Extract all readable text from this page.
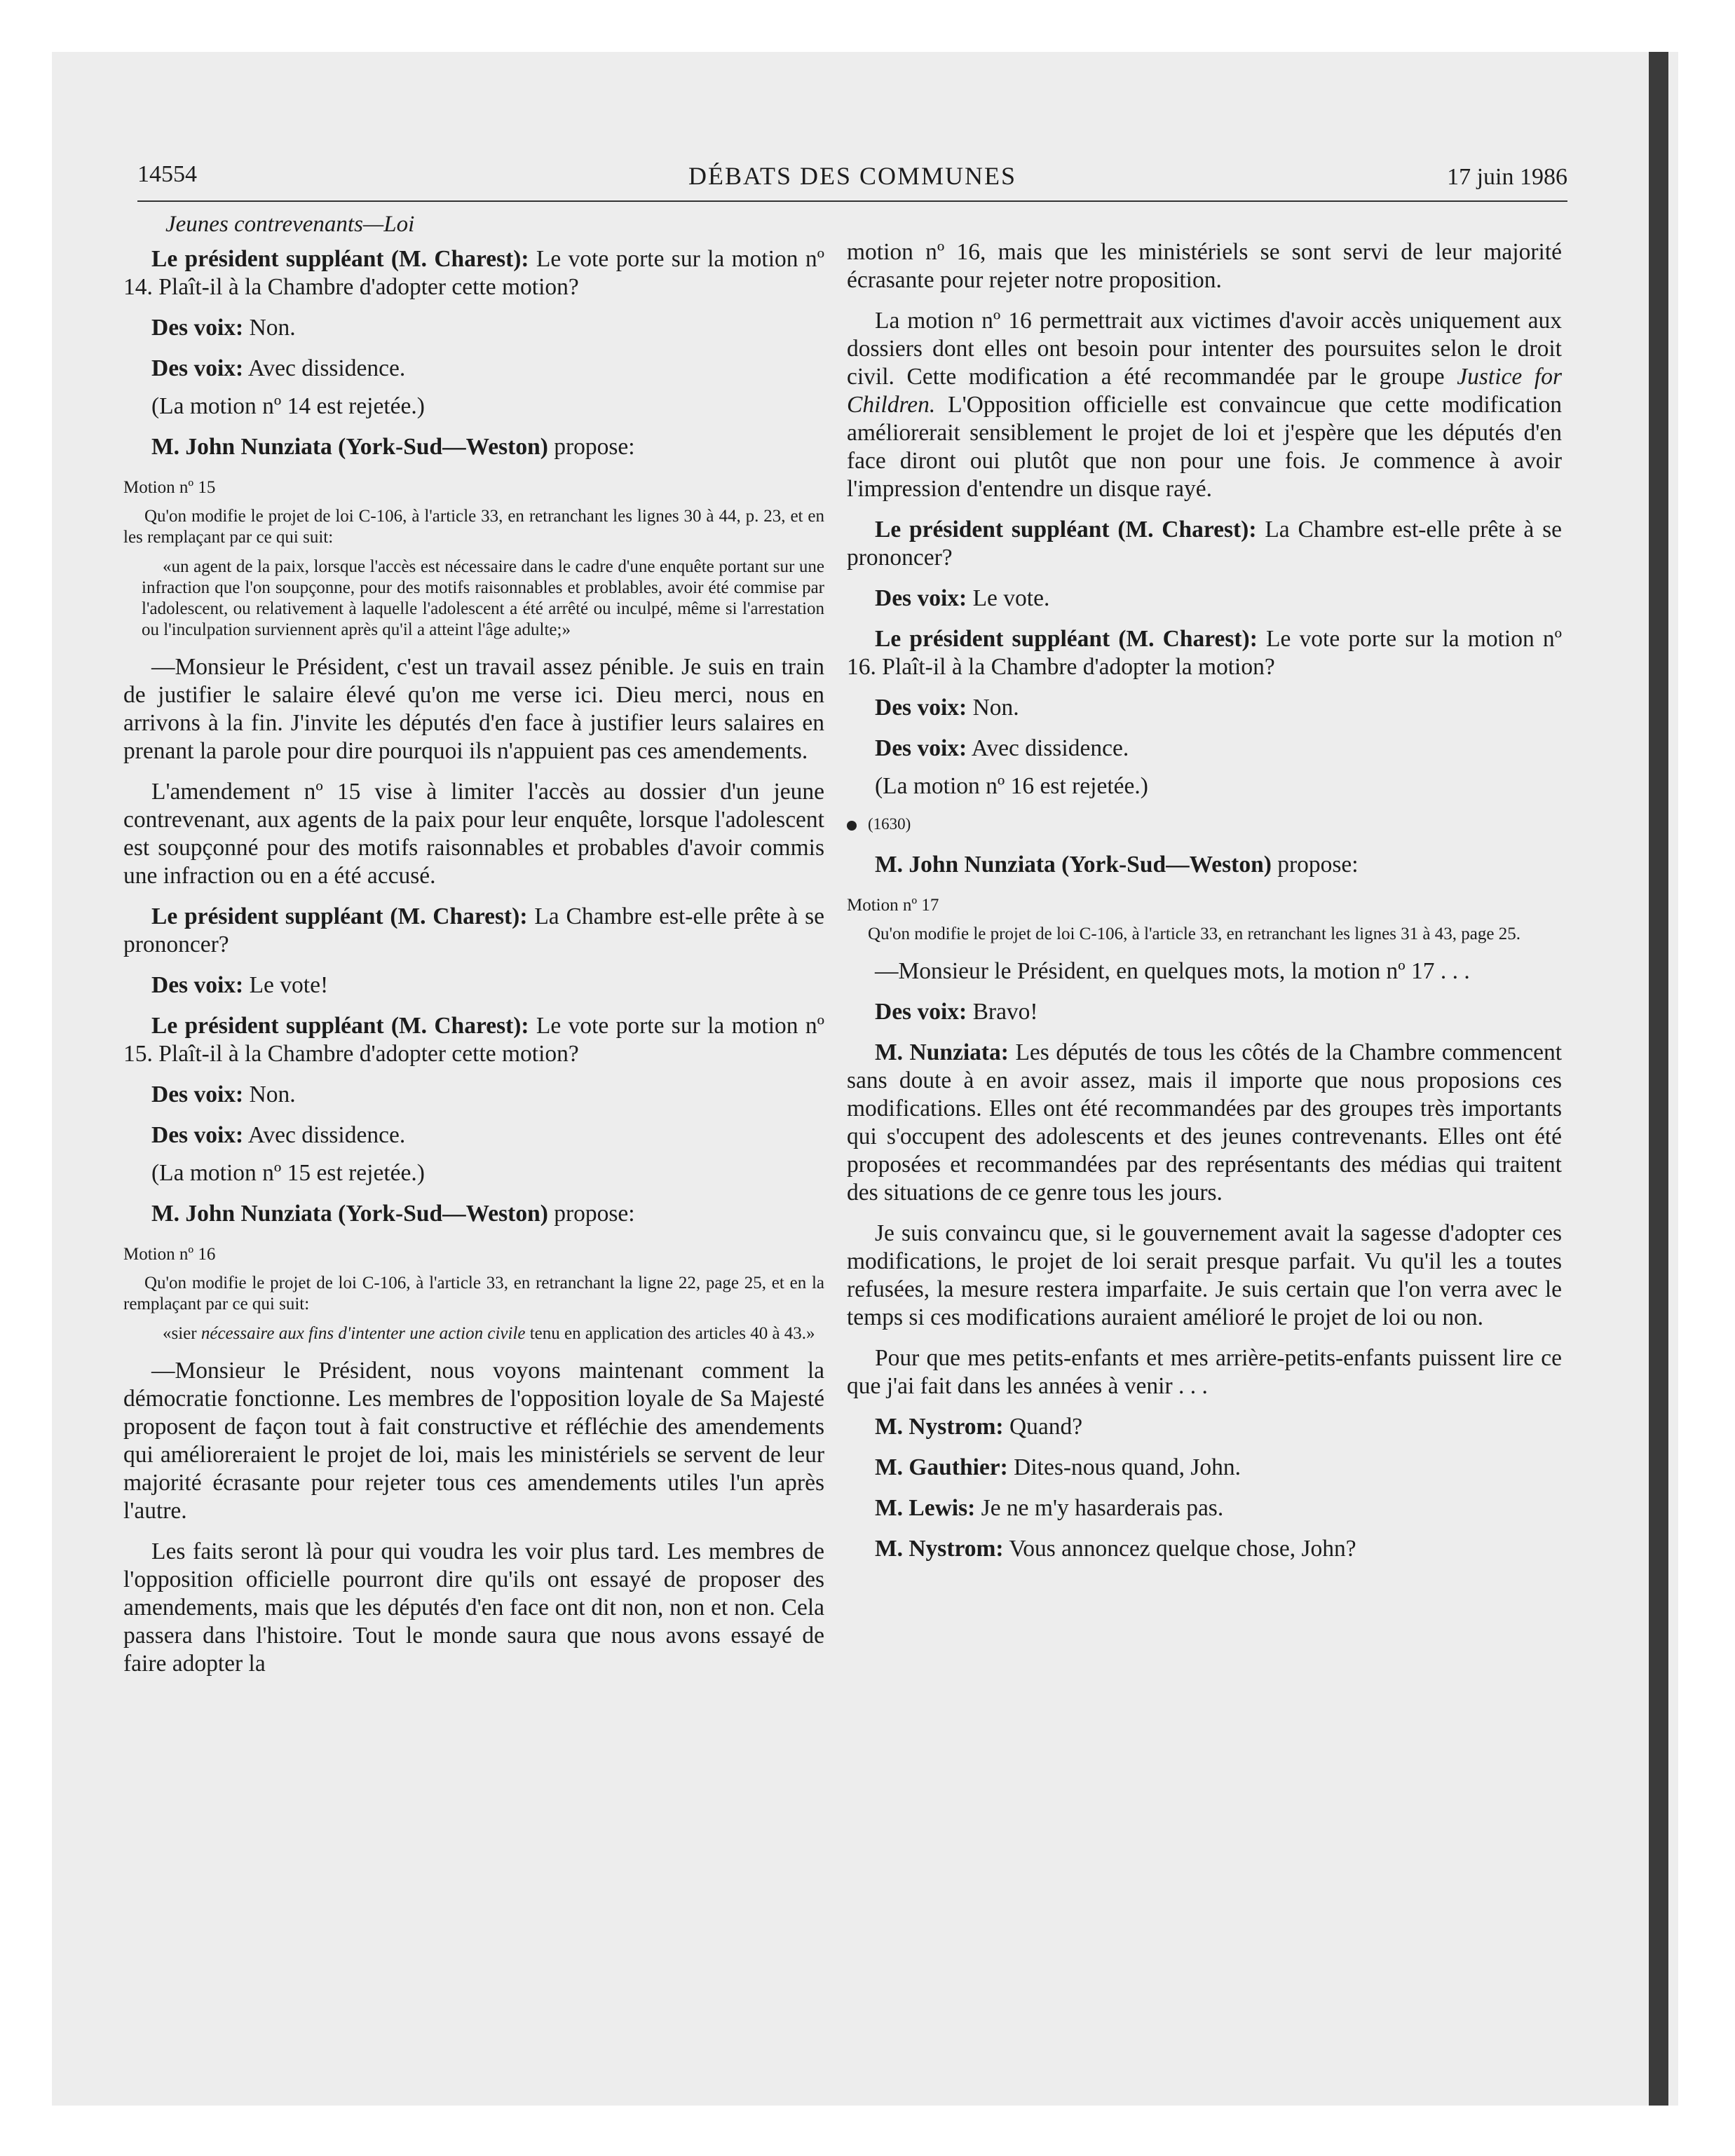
14554	DÉBATS DES COMMUNES	17 juin 1986

Jeunes contrevenants—Loi

Le président suppléant (M. Charest): Le vote porte sur la motion nº 14. Plaît-il à la Chambre d'adopter cette motion?

Des voix: Non.

Des voix: Avec dissidence.

(La motion nº 14 est rejetée.)

M. John Nunziata (York-Sud—Weston) propose:

Motion nº 15

Qu'on modifie le projet de loi C-106, à l'article 33, en retranchant les lignes 30 à 44, p. 23, et en les remplaçant par ce qui suit:

«un agent de la paix, lorsque l'accès est nécessaire dans le cadre d'une enquête portant sur une infraction que l'on soupçonne, pour des motifs raisonnables et problables, avoir été commise par l'adolescent, ou relativement à laquelle l'adolescent a été arrêté ou inculpé, même si l'arrestation ou l'inculpation surviennent après qu'il a atteint l'âge adulte;»

—Monsieur le Président, c'est un travail assez pénible. Je suis en train de justifier le salaire élevé qu'on me verse ici. Dieu merci, nous en arrivons à la fin. J'invite les députés d'en face à justifier leurs salaires en prenant la parole pour dire pourquoi ils n'appuient pas ces amendements.

L'amendement nº 15 vise à limiter l'accès au dossier d'un jeune contrevenant, aux agents de la paix pour leur enquête, lorsque l'adolescent est soupçonné pour des motifs raisonnables et probables d'avoir commis une infraction ou en a été accusé.

Le président suppléant (M. Charest): La Chambre est-elle prête à se prononcer?

Des voix: Le vote!

Le président suppléant (M. Charest): Le vote porte sur la motion nº 15. Plaît-il à la Chambre d'adopter cette motion?

Des voix: Non.

Des voix: Avec dissidence.

(La motion nº 15 est rejetée.)

M. John Nunziata (York-Sud—Weston) propose:

Motion nº 16

Qu'on modifie le projet de loi C-106, à l'article 33, en retranchant la ligne 22, page 25, et en la remplaçant par ce qui suit:

«sier nécessaire aux fins d'intenter une action civile tenu en application des articles 40 à 43.»

—Monsieur le Président, nous voyons maintenant comment la démocratie fonctionne. Les membres de l'opposition loyale de Sa Majesté proposent de façon tout à fait constructive et réfléchie des amendements qui amélioreraient le projet de loi, mais les ministériels se servent de leur majorité écrasante pour rejeter tous ces amendements utiles l'un après l'autre.

Les faits seront là pour qui voudra les voir plus tard. Les membres de l'opposition officielle pourront dire qu'ils ont essayé de proposer des amendements, mais que les députés d'en face ont dit non, non et non. Cela passera dans l'histoire. Tout le monde saura que nous avons essayé de faire adopter la

motion nº 16, mais que les ministériels se sont servi de leur majorité écrasante pour rejeter notre proposition.

La motion nº 16 permettrait aux victimes d'avoir accès uniquement aux dossiers dont elles ont besoin pour intenter des poursuites selon le droit civil. Cette modification a été recommandée par le groupe Justice for Children. L'Opposition officielle est convaincue que cette modification améliorerait sensiblement le projet de loi et j'espère que les députés d'en face diront oui plutôt que non pour une fois. Je commence à avoir l'impression d'entendre un disque rayé.

Le président suppléant (M. Charest): La Chambre est-elle prête à se prononcer?

Des voix: Le vote.

Le président suppléant (M. Charest): Le vote porte sur la motion nº 16. Plaît-il à la Chambre d'adopter la motion?

Des voix: Non.

Des voix: Avec dissidence.

(La motion nº 16 est rejetée.)

(1630)

M. John Nunziata (York-Sud—Weston) propose:

Motion nº 17

Qu'on modifie le projet de loi C-106, à l'article 33, en retranchant les lignes 31 à 43, page 25.

—Monsieur le Président, en quelques mots, la motion nº 17 . . .

Des voix: Bravo!

M. Nunziata: Les députés de tous les côtés de la Chambre commencent sans doute à en avoir assez, mais il importe que nous proposions ces modifications. Elles ont été recommandées par des groupes très importants qui s'occupent des adolescents et des jeunes contrevenants. Elles ont été proposées et recommandées par des représentants des médias qui traitent des situations de ce genre tous les jours.

Je suis convaincu que, si le gouvernement avait la sagesse d'adopter ces modifications, le projet de loi serait presque parfait. Vu qu'il les a toutes refusées, la mesure restera imparfaite. Je suis certain que l'on verra avec le temps si ces modifications auraient amélioré le projet de loi ou non.

Pour que mes petits-enfants et mes arrière-petits-enfants puissent lire ce que j'ai fait dans les années à venir . . .

M. Nystrom: Quand?

M. Gauthier: Dites-nous quand, John.

M. Lewis: Je ne m'y hasarderais pas.

M. Nystrom: Vous annoncez quelque chose, John?
